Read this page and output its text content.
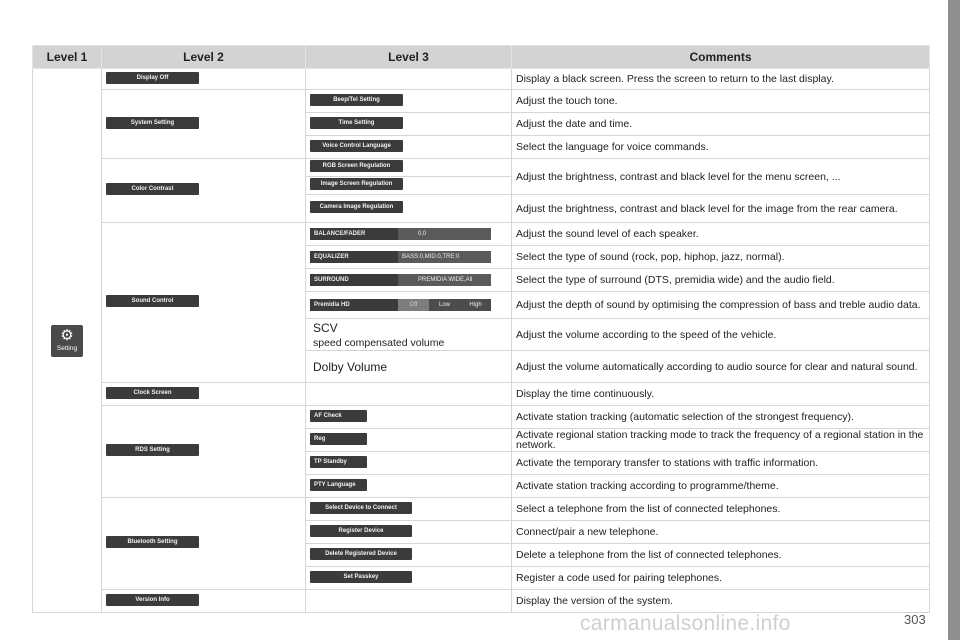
Level 1	Level 2	Level 3	Comments

⚙
Setting	Display Off		Display a black screen. Press the screen to return to the last display.
	System Setting	Beep/Tel Setting	Adjust the touch tone.
		Time Setting	Adjust the date and time.
		Voice Control Language	Select the language for voice commands.
	Color Contrast	RGB Screen Regulation	Adjust the brightness, contrast and black level for the menu screen, ...
		Image Screen Regulation	
		Camera Image Regulation	Adjust the brightness, contrast and black level for the image from the rear camera.
	Sound Control	BALANCE/FADER 0,0	Adjust the sound level of each speaker.
		EQUALIZER BASS:0,MID:0,TRE:0	Select the type of sound (rock, pop, hiphop, jazz, normal).
		SURROUND PREMIDIA WIDE,All	Select the type of surround (DTS, premidia wide) and the audio field.
		Premidia HD Off Low High	Adjust the depth of sound by optimising the compression of bass and treble audio data.

		SCV
speed compensated volume	Adjust the volume according to the speed of the vehicle.

		Dolby Volume	Adjust the volume automatically according to audio source for clear and natural sound.
	Clock Screen		Display the time continuously.
	RDS Setting	AF Check	Activate station tracking (automatic selection of the strongest frequency).
		Reg	Activate regional station tracking mode to track the frequency of a regional station in the network.
		TP Standby	Activate the temporary transfer to stations with traffic information.
		PTY Language	Activate station tracking according to programme/theme.
	Bluetooth Setting	Select Device to Connect	Select a telephone from the list of connected telephones.
		Register Device	Connect/pair a new telephone.
		Delete Registered Device	Delete a telephone from the list of connected telephones.
		Set Passkey	Register a code used for pairing telephones.
	Version Info		Display the version of the system.
carmanualsonline.info	303
